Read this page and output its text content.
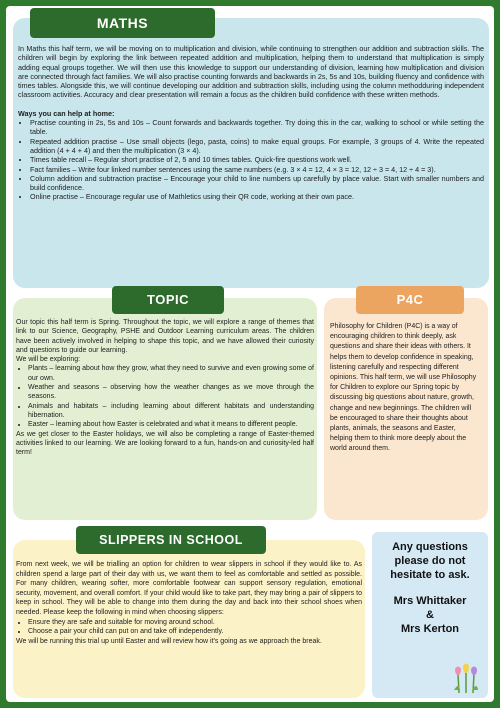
MATHS

In Maths this half term, we will be moving on to multiplication and division, while continuing to strengthen our addition and subtraction skills. The children will begin by exploring the link between repeated addition and multiplication, helping them to understand that multiplication is simply adding equal groups together. We will then use this knowledge to support our understanding of division, learning how multiplication and division are connected through fact families. We will also practise counting forwards and backwards in 2s, 5s and 10s, building fluency and confidence with times tables. Alongside this, we will continue developing our addition and subtraction skills, including using the column methodduring independent classroom activities. Accuracy and clear presentation will remain a focus as the children build confidence with these written methods.

Ways you can help at home:

• Practise counting in 2s, 5s and 10s – Count forwards and backwards together. Try doing this in the car, walking to school or while setting the table.
• Repeated addition practise – Use small objects (lego, pasta, coins) to make equal groups. For example, 3 groups of 4. Write the repeated addition (4 + 4 + 4) and then the multiplication (3 × 4).
• Times table recall – Regular short practise of 2, 5 and 10 times tables. Quick-fire questions work well.
• Fact families – Write four linked number sentences using the same numbers (e.g. 3 × 4 = 12, 4 × 3 = 12, 12 ÷ 3 = 4, 12 ÷ 4 = 3).
• Column addition and subtraction practise – Encourage your child to line numbers up carefully by place value. Start with smaller numbers and build confidence.
• Online practise – Encourage regular use of Mathletics using their QR code, working at their own pace.
TOPIC

Our topic this half term is Spring. Throughout the topic, we will explore a range of themes that link to our Science, Geography, PSHE and Outdoor Learning curriculum areas. The children have been actively involved in helping to shape this topic, and we have allowed their curiosity and questions to guide our learning.

We will be exploring:

• Plants – learning about how they grow, what they need to survive and even growing some of our own.
• Weather and seasons – observing how the weather changes as we move through the seasons.
• Animals and habitats – including learning about different habitats and understanding hibernation.
• Easter – learning about how Easter is celebrated and what it means to different people.

As we get closer to the Easter holidays, we will also be completing a range of Easter-themed activities linked to our learning. We are looking forward to a fun, hands-on and curiosity-led half term!

P4C

Philosophy for Children (P4C) is a way of encouraging children to think deeply, ask questions and share their ideas with others. It helps them to develop confidence in speaking, listening carefully and respecting different opinions. This half term, we will use Philosophy for Children to explore our Spring topic by discussing big questions about nature, growth, change and new beginnings. The children will be encouraged to share their thoughts about plants, animals, the seasons and Easter, helping them to think more deeply about the world around them.

SLIPPERS IN SCHOOL

From next week, we will be trialling an option for children to wear slippers in school if they would like to. As children spend a large part of their day with us, we want them to feel as comfortable and settled as possible. For many children, wearing softer, more comfortable footwear can support sensory regulation, emotional security, movement, and overall comfort. If your child would like to take part, they may bring a pair of slippers to keep in school. They will be able to change into them during the day and back into their school shoes when needed. Please keep the following in mind when choosing slippers:

• Ensure they are safe and suitable for moving around school.
• Choose a pair your child can put on and take off independently.

We will be running this trial up until Easter and will review how it's going as we approach the break.

Any questions
please do not
hesitate to ask.
Mrs Whittaker
&
Mrs Kerton
